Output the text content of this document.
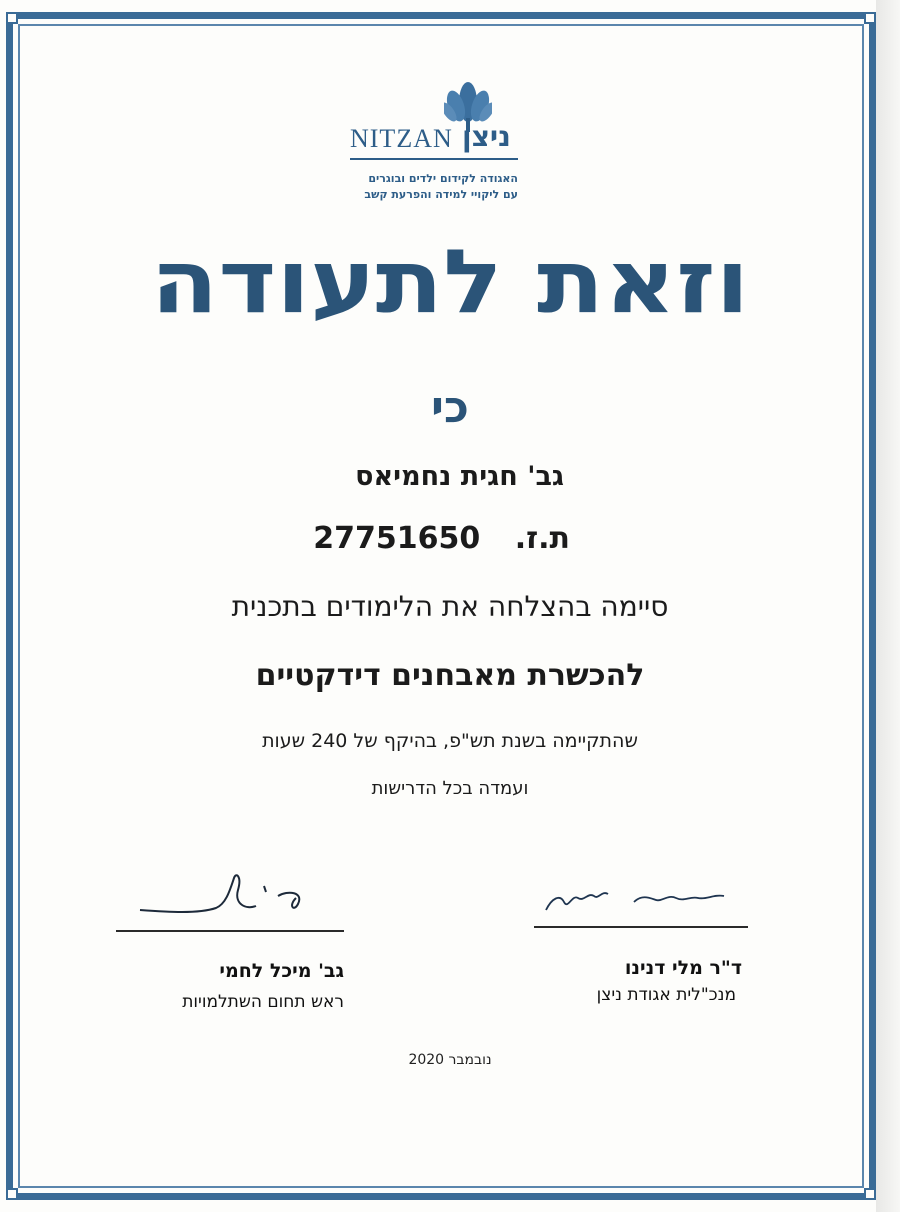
NITZAN ניצן
האגודה לקידום ילדים ובוגרים
עם ליקויי למידה והפרעת קשב
וזאת לתעודה
כי
גב' חגית נחמיאס
ת.ז. 27751650
סיימה בהצלחה את הלימודים בתכנית
להכשרת מאבחנים דידקטיים
שהתקיימה בשנת תש"פ, בהיקף של 240 שעות
ועמדה בכל הדרישות
גב' מיכל לחמי
ראש תחום השתלמויות
ד"ר מלי דנינו
מנכ"לית אגודת ניצן
נובמבר 2020
